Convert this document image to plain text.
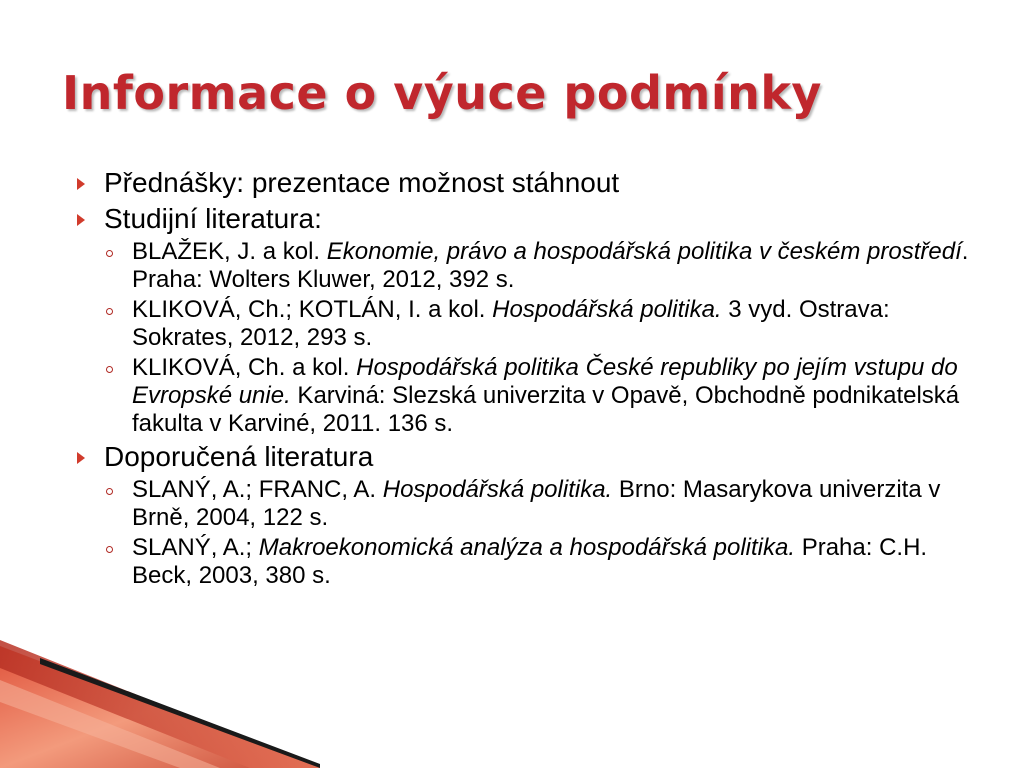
Informace o výuce podmínky
Přednášky: prezentace možnost stáhnout
Studijní literatura:
BLAŽEK, J. a kol. Ekonomie, právo a hospodářská politika v českém prostředí. Praha: Wolters Kluwer, 2012, 392 s.
KLIKOVÁ, Ch.; KOTLÁN, I. a kol. Hospodářská politika. 3 vyd. Ostrava: Sokrates, 2012, 293 s.
KLIKOVÁ, Ch. a kol. Hospodářská politika České republiky po jejím vstupu do Evropské unie. Karviná: Slezská univerzita v Opavě, Obchodně podnikatelská fakulta v Karviné, 2011. 136 s.
Doporučená literatura
SLANÝ, A.; FRANC, A. Hospodářská politika. Brno: Masarykova univerzita v Brně, 2004, 122 s.
SLANÝ, A.; Makroekonomická analýza a hospodářská politika. Praha: C.H. Beck, 2003, 380 s.
